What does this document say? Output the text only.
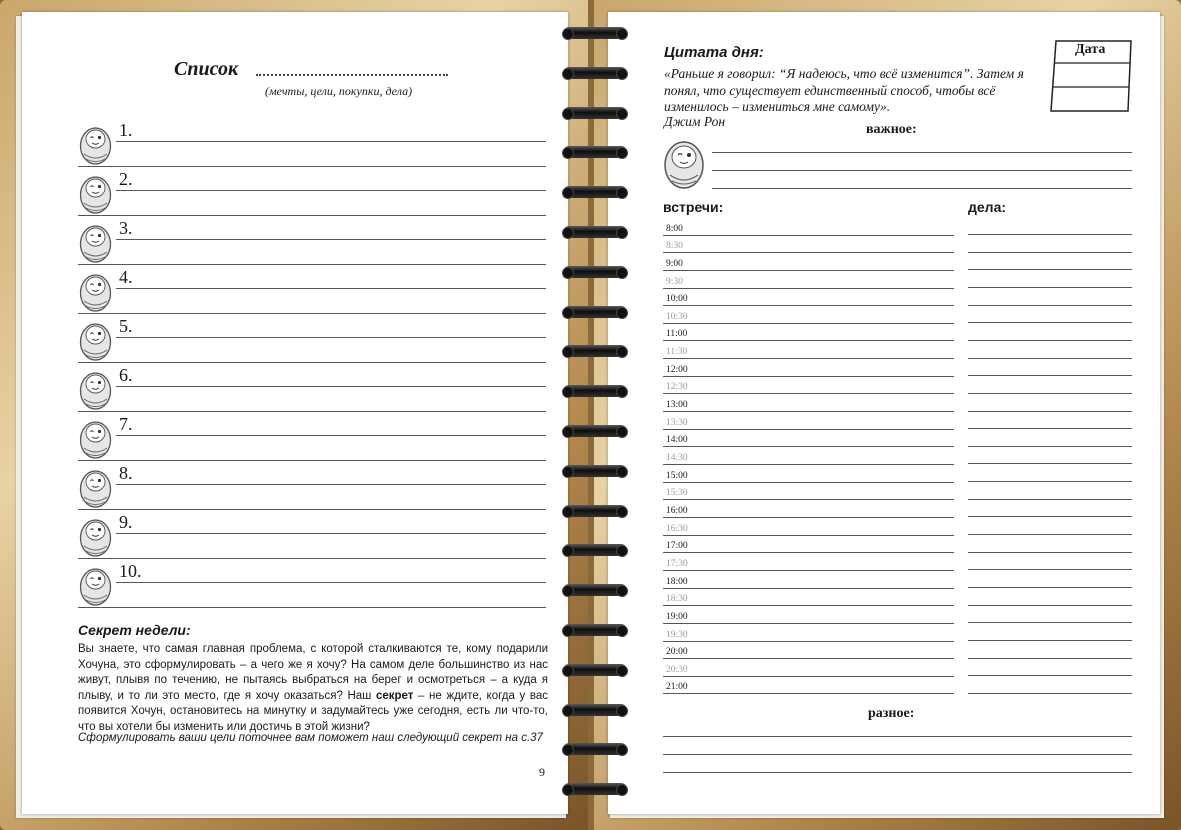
Список
(мечты, цели, покупки, дела)
1.
2.
3.
4.
5.
6.
7.
8.
9.
10.
Секрет недели:
Вы знаете, что самая главная проблема, с которой сталкиваются те, кому подарили Хочуна, это сформулировать – а чего же я хочу? На самом деле большинство из нас живут, плывя по течению, не пытаясь выбраться на берег и осмотреться – а куда я плыву, и то ли это место, где я хочу оказаться? Наш секрет – не ждите, когда у вас появится Хочун, остановитесь на минутку и задумайтесь уже сегодня, есть ли что-то, что вы хотели бы изменить или достичь в этой жизни?
Сформулировать ваши цели поточнее вам поможет наш следующий секрет на с.37
9
Цитата дня:
«Раньше я говорил: “Я надеюсь, что всё изменится”. Затем я понял, что существует единственный способ, чтобы всё изменилось – измениться мне самому».
Джим Рон
Дата
важное:
встречи:	дела:
8:00
8:30
9:00
9:30
10:00
10:30
11:00
11:30
12:00
12:30
13:00
13:30
14:00
14:30
15:00
15:30
16:00
16:30
17:00
17:30
18:00
18:30
19:00
19:30
20:00
20:30
21:00
разное:
